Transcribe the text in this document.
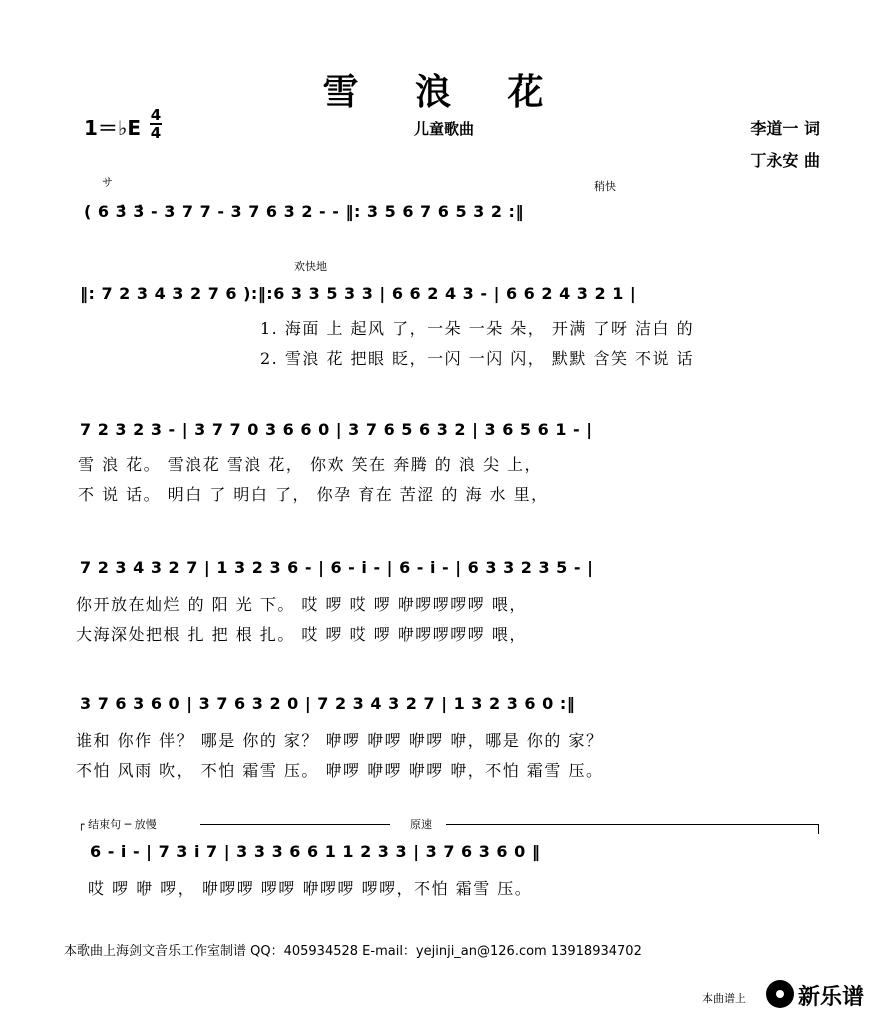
雪 浪 花
1＝♭E
4
4	儿童歌曲	李道一 词
丁永安 曲
サ	稍快
( 6 3̇ 3̇ - 3 7 7 - 3 7 6 3 2 - - ‖: 3 5 6 7 6 5 3 2 :‖
欢快地
‖: 7 2 3 4 3 2 7 6 ):‖:6 3 3 5 3 3 | 6 6 2 4 3 - | 6 6 2 4 3 2 1 |
1. 海面 上 起风 了，一朵 一朵 朵， 开满 了呀 洁白 的
2. 雪浪 花 把眼 眨，一闪 一闪 闪， 默默 含笑 不说 话
7 2 3 2 3 - | 3 7 7 0 3 6 6 0 | 3 7 6 5 6 3 2 | 3 6 5 6 1 - |
雪 浪 花。 雪浪花 雪浪 花， 你欢 笑在 奔腾 的 浪 尖 上，
不 说 话。 明白 了 明白 了， 你孕 育在 苦涩 的 海 水 里，
7 2 3 4 3 2 7 | 1 3 2 3 6 - | 6 - i - | 6 - i - | 6 3 3 2 3 5 - |
你开放在灿烂 的 阳 光 下。 哎 啰 哎 啰 咿啰啰啰啰 喂，
大海深处把根 扎 把 根 扎。 哎 啰 哎 啰 咿啰啰啰啰 喂，
3 7 6 3 6 0 | 3 7 6 3 2 0 | 7 2 3 4 3 2 7 | 1 3 2 3 6 0 :‖
谁和 你作 伴？ 哪是 你的 家？ 咿啰 咿啰 咿啰 咿，哪是 你的 家？
不怕 风雨 吹， 不怕 霜雪 压。 咿啰 咿啰 咿啰 咿，不怕 霜雪 压。
┌ 结束句 ─ 放慢	原速
6 - i - | 7 3 i 7 | 3 3 3 6 6 1 1 2 3 3 | 3 7 6 3 6 0 ‖
哎 啰 咿 啰， 咿啰啰 啰啰 咿啰啰 啰啰，不怕 霜雪 压。
本歌曲上海剑文音乐工作室制谱 QQ：405934528 E-mail：yejinji_an@126.com 13918934702
本曲谱上 新乐谱
